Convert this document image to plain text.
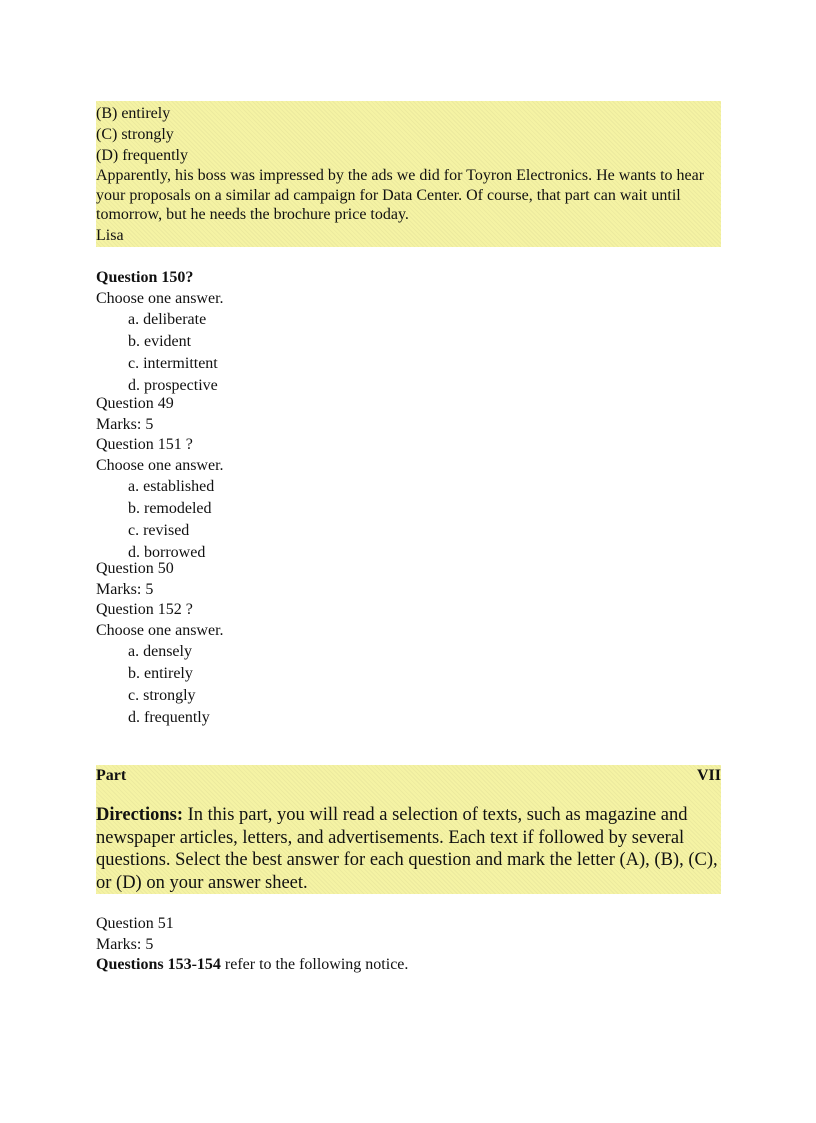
(B) entirely
(C) strongly
(D) frequently
Apparently, his boss was impressed by the ads we did for Toyron Electronics. He wants to hear your proposals on a similar ad campaign for Data Center. Of course, that part can wait until tomorrow, but he needs the brochure price today.
Lisa
Question 150?
Choose one answer.
a. deliberate
b. evident
c. intermittent
d. prospective
Question 49
Marks: 5
Question 151 ?
Choose one answer.
a. established
b. remodeled
c. revised
d. borrowed
Question 50
Marks: 5
Question 152 ?
Choose one answer.
a. densely
b. entirely
c. strongly
d. frequently
Part	VII
Directions: In this part, you will read a selection of texts, such as magazine and newspaper articles, letters, and advertisements. Each text if followed by several questions. Select the best answer for each question and mark the letter (A), (B), (C), or (D) on your answer sheet.
Question 51
Marks: 5
Questions 153-154 refer to the following notice.
